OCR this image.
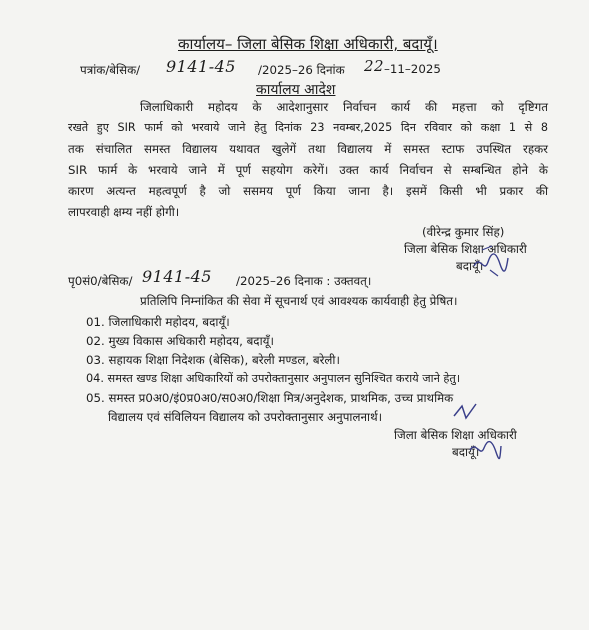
कार्यालय– जिला बेसिक शिक्षा अधिकारी, बदायूँ।
पत्रांक/बेसिक/ 9141-45 /2025–26 दिनांक 22 –11–2025
कार्यालय आदेश
जिलाधिकारी महोदय के आदेशानुसार निर्वाचन कार्य की महत्ता को दृष्टिगत
रखते हुए SIR फार्म को भरवाये जाने हेतु दिनांक 23 नवम्बर,2025 दिन रविवार को कक्षा 1 से 8
तक संचालित समस्त विद्यालय यथावत खुलेगें तथा विद्यालय में समस्त स्टाफ उपस्थित रहकर
SIR फार्म के भरवाये जाने में पूर्ण सहयोग करेगें। उक्त कार्य निर्वाचन से सम्बन्धित होने के
कारण अत्यन्त महत्वपूर्ण है जो ससमय पूर्ण किया जाना है। इसमें किसी भी प्रकार की
लापरवाही क्षम्य नहीं होगी।
(वीरेन्द्र कुमार सिंह)
जिला बेसिक शिक्षा अधिकारी
बदायूँ।
पृ0सं0/बेसिक/ 9141-45 /2025–26 दिनाक : उक्तवत्।
प्रतिलिपि निम्नांकित की सेवा में सूचनार्थ एवं आवश्यक कार्यवाही हेतु प्रेषित।
01. जिलाधिकारी महोदय, बदायूँ।
02. मुख्य विकास अधिकारी महोदय, बदायूँ।
03. सहायक शिक्षा निदेशक (बेसिक), बरेली मण्डल, बरेली।
04. समस्त खण्ड शिक्षा अधिकारियों को उपरोक्तानुसार अनुपालन सुनिश्चित कराये जाने हेतु।
05. समस्त प्र0अ0/इं0प्र0अ0/स0अ0/शिक्षा मित्र/अनुदेशक, प्राथमिक, उच्च प्राथमिक
विद्यालय एवं संविलियन विद्यालय को उपरोक्तानुसार अनुपालनार्थ।
जिला बेसिक शिक्षा अधिकारी
बदायूँ।
